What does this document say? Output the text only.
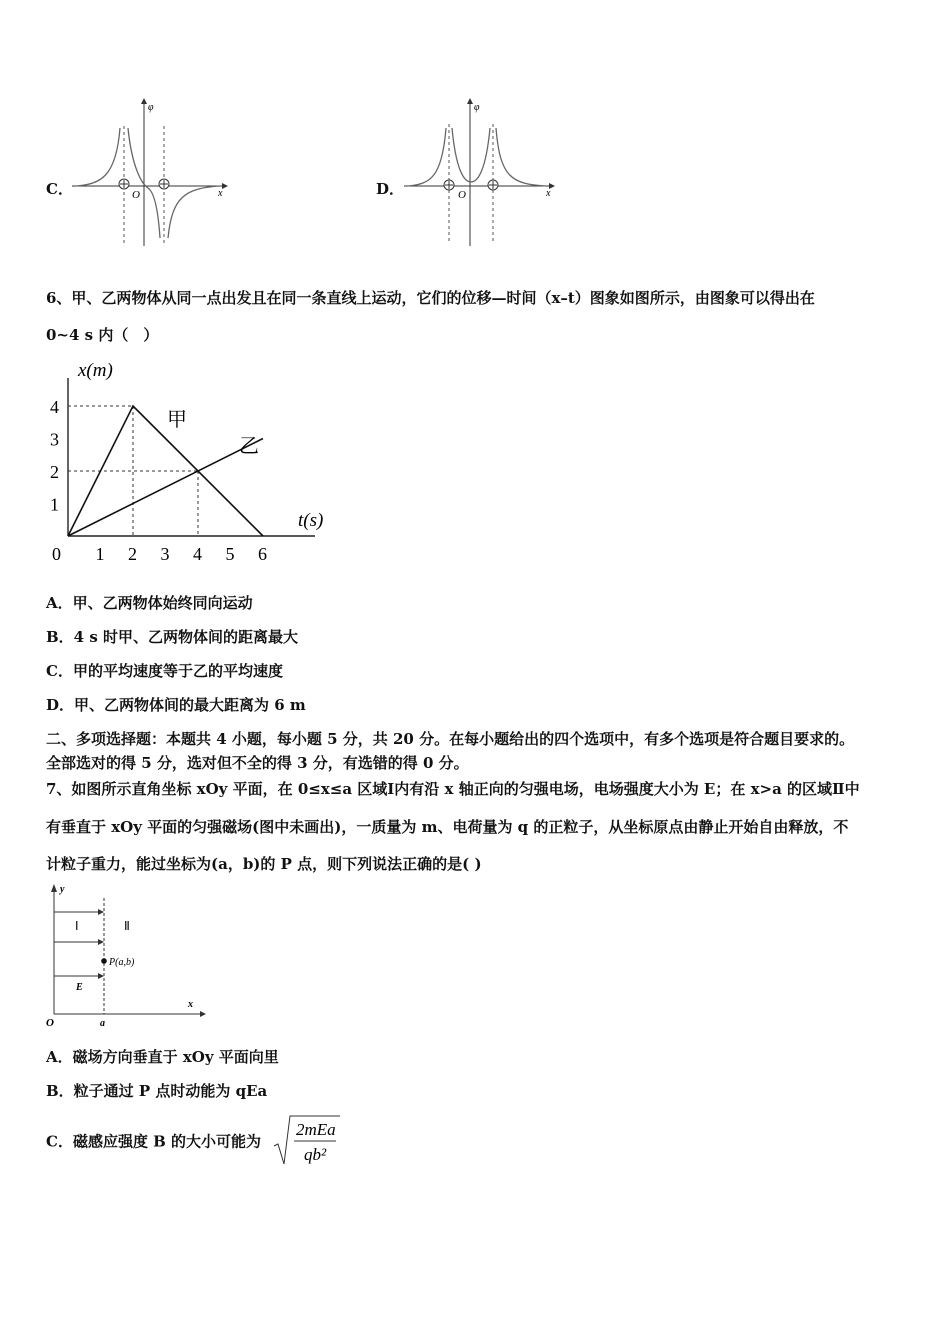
C．
φ
x
O	D．
φ
x
O
6、甲、乙两物体从同一点出发且在同一条直线上运动，它们的位移—时间（x–t）图象如图所示，由图象可以得出在
0~4 s 内（　）
x(m)
t(s)
0 1 2 3 4 5 6
1
2
3
4
甲
乙
A．甲、乙两物体始终同向运动
B．4 s 时甲、乙两物体间的距离最大
C．甲的平均速度等于乙的平均速度
D．甲、乙两物体间的最大距离为 6 m
二、多项选择题：本题共 4 小题，每小题 5 分，共 20 分。在每小题给出的四个选项中，有多个选项是符合题目要求的。
全部选对的得 5 分，选对但不全的得 3 分，有选错的得 0 分。
7、如图所示直角坐标 xOy 平面，在 0≤x≤a 区域Ⅰ内有沿 x 轴正向的匀强电场，电场强度大小为 E；在 x>a 的区域Ⅱ中
有垂直于 xOy 平面的匀强磁场(图中未画出)，一质量为 m、电荷量为 q 的正粒子，从坐标原点由静止开始自由释放，不
计粒子重力，能过坐标为(a，b)的 P 点，则下列说法正确的是( )
y
x
O	a
Ⅰ	Ⅱ
P(a,b)
E
A．磁场方向垂直于 xOy 平面向里
B．粒子通过 P 点时动能为 qEa
C．磁感应强度 B 的大小可能为
2mEa
qb²
